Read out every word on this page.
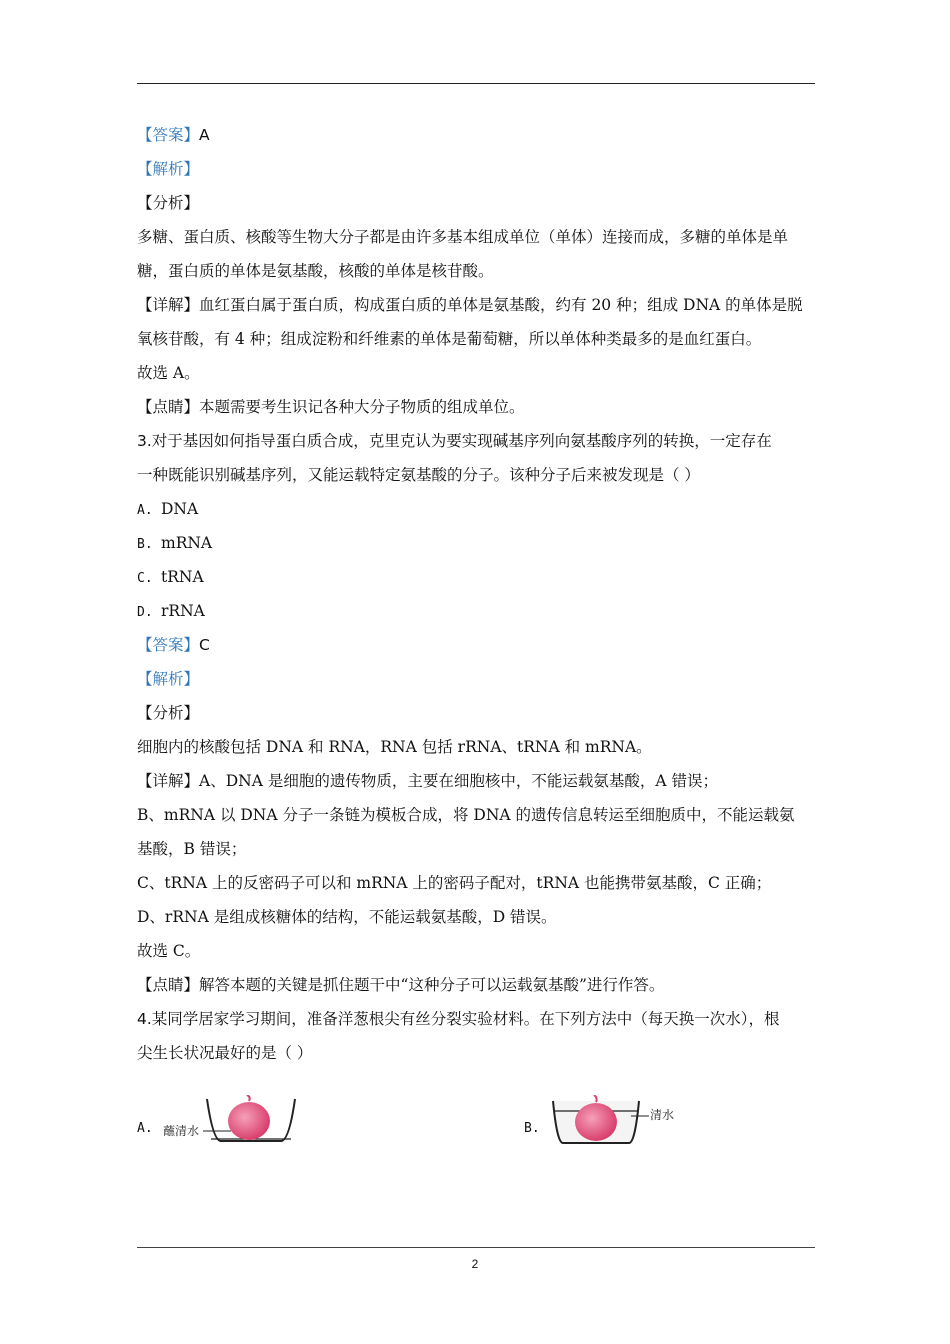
【答案】A
【解析】
【分析】
多糖、蛋白质、核酸等生物大分子都是由许多基本组成单位（单体）连接而成，多糖的单体是单
糖，蛋白质的单体是氨基酸，核酸的单体是核苷酸。
【详解】血红蛋白属于蛋白质，构成蛋白质的单体是氨基酸，约有 20 种；组成 DNA 的单体是脱
氧核苷酸，有 4 种；组成淀粉和纤维素的单体是葡萄糖，所以单体种类最多的是血红蛋白。
故选 A。
【点睛】本题需要考生识记各种大分子物质的组成单位。
3.对于基因如何指导蛋白质合成，克里克认为要实现碱基序列向氨基酸序列的转换，一定存在
一种既能识别碱基序列，又能运载特定氨基酸的分子。该种分子后来被发现是（ ）
A. DNA
B. mRNA
C. tRNA
D. rRNA
【答案】C
【解析】
【分析】
细胞内的核酸包括 DNA 和 RNA，RNA 包括 rRNA、tRNA 和 mRNA。
【详解】A、DNA 是细胞的遗传物质，主要在细胞核中，不能运载氨基酸，A 错误；
B、mRNA 以 DNA 分子一条链为模板合成，将 DNA 的遗传信息转运至细胞质中，不能运载氨
基酸，B 错误；
C、tRNA 上的反密码子可以和 mRNA 上的密码子配对，tRNA 也能携带氨基酸，C 正确；
D、rRNA 是组成核糖体的结构，不能运载氨基酸，D 错误。
故选 C。
【点睛】解答本题的关键是抓住题干中“这种分子可以运载氨基酸”进行作答。
4.某同学居家学习期间，准备洋葱根尖有丝分裂实验材料。在下列方法中（每天换一次水），根
尖生长状况最好的是（ ）
A. 蘸清水	B.
清水
2
